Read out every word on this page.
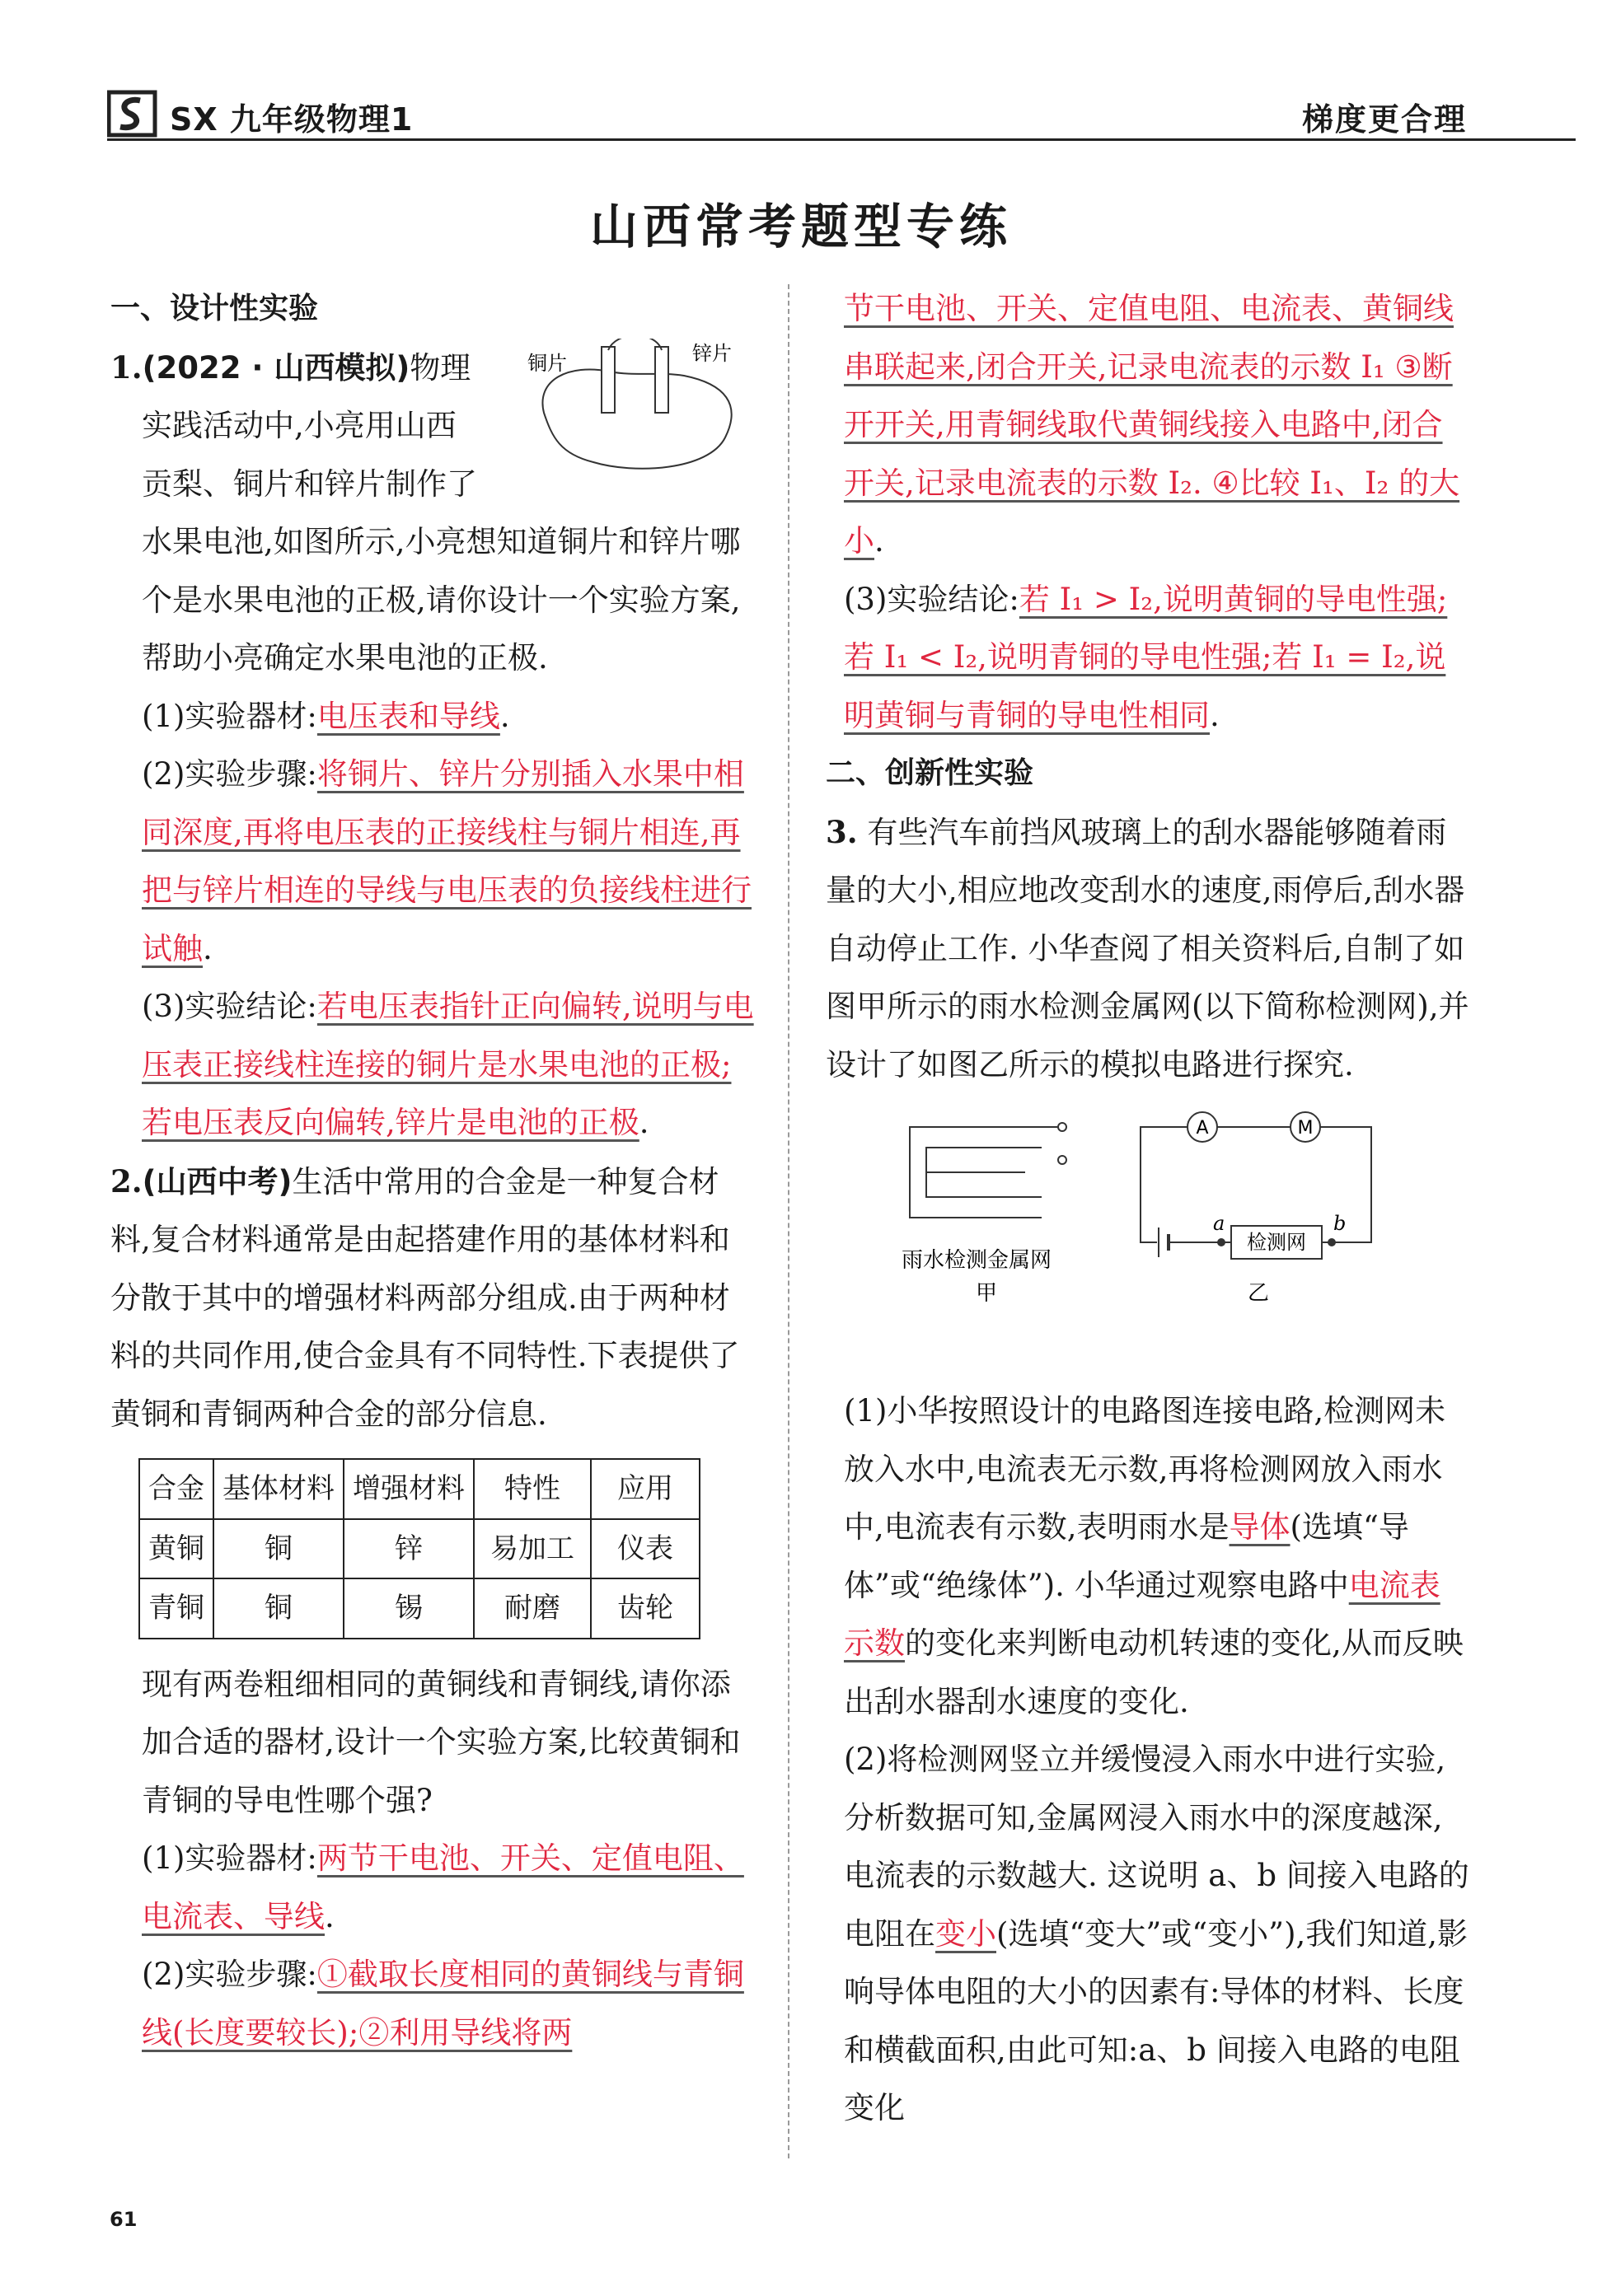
SX 九年级物理1	梯度更合理
山西常考题型专练

一、设计性实验

铜片	锌片

1.(2022 · 山西模拟)物理

实践活动中,小亮用山西

贡梨、铜片和锌片制作了

水果电池,如图所示,小亮想知道铜片和锌片哪个是水果电池的正极,请你设计一个实验方案,帮助小亮确定水果电池的正极.

(1)实验器材:电压表和导线.

(2)实验步骤:将铜片、锌片分别插入水果中相同深度,再将电压表的正接线柱与铜片相连,再把与锌片相连的导线与电压表的负接线柱进行试触.

(3)实验结论:若电压表指针正向偏转,说明与电压表正接线柱连接的铜片是水果电池的正极;若电压表反向偏转,锌片是电池的正极.

2.(山西中考)生活中常用的合金是一种复合材料,复合材料通常是由起搭建作用的基体材料和分散于其中的增强材料两部分组成.由于两种材料的共同作用,使合金具有不同特性.下表提供了黄铜和青铜两种合金的部分信息.

合金	基体材料	增强材料	特性	应用
黄铜	铜	锌	易加工	仪表
青铜	铜	锡	耐磨	齿轮

现有两卷粗细相同的黄铜线和青铜线,请你添加合适的器材,设计一个实验方案,比较黄铜和青铜的导电性哪个强?

(1)实验器材:两节干电池、开关、定值电阻、电流表、导线.

(2)实验步骤:①截取长度相同的黄铜线与青铜线(长度要较长);②利用导线将两

节干电池、开关、定值电阻、电流表、黄铜线串联起来,闭合开关,记录电流表的示数 I₁ ③断开开关,用青铜线取代黄铜线接入电路中,闭合开关,记录电流表的示数 I₂. ④比较 I₁、I₂ 的大小.

(3)实验结论:若 I₁ > I₂,说明黄铜的导电性强;若 I₁ < I₂,说明青铜的导电性强;若 I₁ = I₂,说明黄铜与青铜的导电性相同.

二、创新性实验

3. 有些汽车前挡风玻璃上的刮水器能够随着雨量的大小,相应地改变刮水的速度,雨停后,刮水器自动停止工作. 小华查阅了相关资料后,自制了如图甲所示的雨水检测金属网(以下简称检测网),并设计了如图乙所示的模拟电路进行探究.

雨水检测金属网
甲
A	M
检测网
a	b
乙

(1)小华按照设计的电路图连接电路,检测网未放入水中,电流表无示数,再将检测网放入雨水中,电流表有示数,表明雨水是导体(选填“导体”或“绝缘体”). 小华通过观察电路中电流表示数的变化来判断电动机转速的变化,从而反映出刮水器刮水速度的变化.

(2)将检测网竖立并缓慢浸入雨水中进行实验,分析数据可知,金属网浸入雨水中的深度越深,电流表的示数越大. 这说明 a、b 间接入电路的电阻在变小(选填“变大”或“变小”),我们知道,影响导体电阻的大小的因素有:导体的材料、长度和横截面积,由此可知:a、b 间接入电路的电阻变化

61
